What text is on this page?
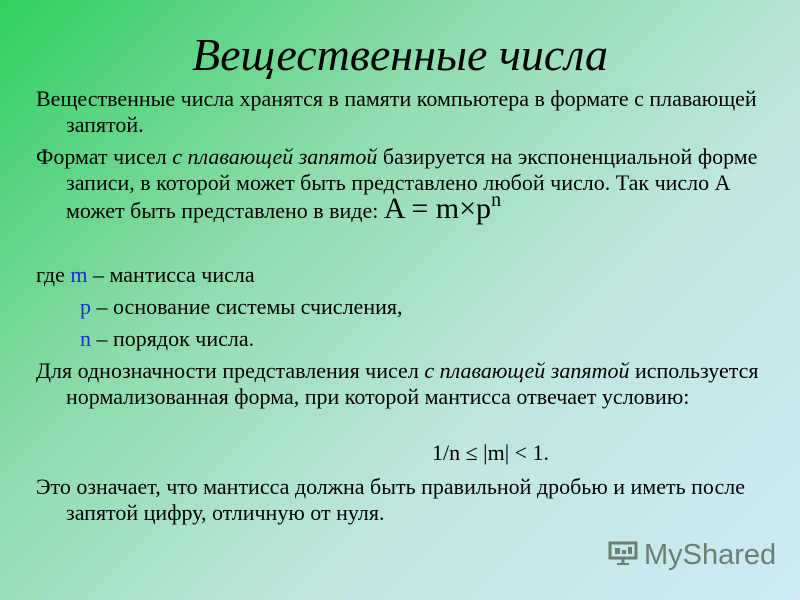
Вещественные числа
Вещественные числа хранятся в памяти компьютера в формате с плавающей запятой.
Формат чисел с плавающей запятой базируется на экспоненциальной форме записи, в которой может быть представлено любой число. Так число А может быть представлено в виде: $A = m\times p^n$
где m – мантисса числа
p – основание системы счисления,
n – порядок числа.
Для однозначности представления чисел с плавающей запятой используется нормализованная форма, при которой мантисса отвечает условию:
1/n ≤ |m| < 1.
Это означает, что мантисса должна быть правильной дробью и иметь после запятой цифру, отличную от нуля.
MyShared
